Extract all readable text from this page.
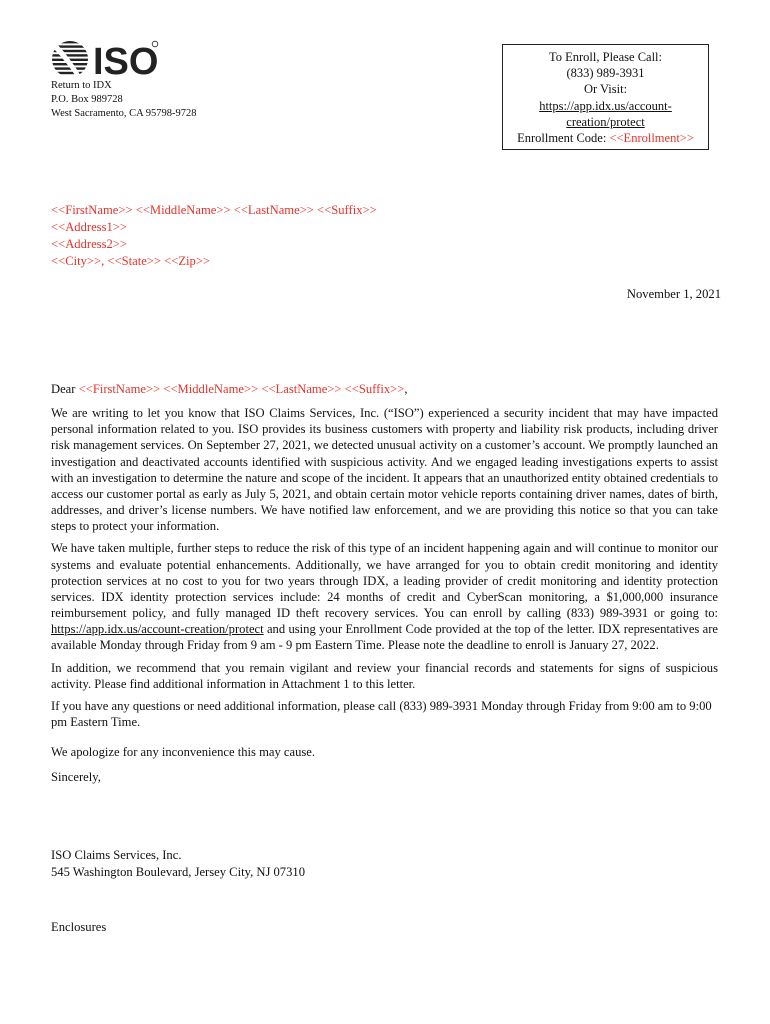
ISO
Return to IDX
P.O. Box 989728
West Sacramento, CA 95798-9728
To Enroll, Please Call:
(833) 989-3931
Or Visit:
https://app.idx.us/account-
creation/protect
Enrollment Code: <<Enrollment>>
<<FirstName>> <<MiddleName>> <<LastName>> <<Suffix>>
<<Address1>>
<<Address2>>
<<City>>, <<State>> <<Zip>>
November 1, 2021

Dear <<FirstName>> <<MiddleName>> <<LastName>> <<Suffix>>,

We are writing to let you know that ISO Claims Services, Inc. (“ISO”) experienced a security incident that may have impacted personal information related to you. ISO provides its business customers with property and liability risk products, including driver risk management services. On September 27, 2021, we detected unusual activity on a customer’s account. We promptly launched an investigation and deactivated accounts identified with suspicious activity. And we engaged leading investigations experts to assist with an investigation to determine the nature and scope of the incident. It appears that an unauthorized entity obtained credentials to access our customer portal as early as July 5, 2021, and obtain certain motor vehicle reports containing driver names, dates of birth, addresses, and driver’s license numbers. We have notified law enforcement, and we are providing this notice so that you can take steps to protect your information.

We have taken multiple, further steps to reduce the risk of this type of an incident happening again and will continue to monitor our systems and evaluate potential enhancements. Additionally, we have arranged for you to obtain credit monitoring and identity protection services at no cost to you for two years through IDX, a leading provider of credit monitoring and identity protection services. IDX identity protection services include: 24 months of credit and CyberScan monitoring, a $1,000,000 insurance reimbursement policy, and fully managed ID theft recovery services. You can enroll by calling (833) 989-3931 or going to: https://app.idx.us/account-creation/protect and using your Enrollment Code provided at the top of the letter. IDX representatives are available Monday through Friday from 9 am - 9 pm Eastern Time. Please note the deadline to enroll is January 27, 2022.

In addition, we recommend that you remain vigilant and review your financial records and statements for signs of suspicious activity. Please find additional information in Attachment 1 to this letter.

If you have any questions or need additional information, please call (833) 989-3931 Monday through Friday from 9:00 am to 9:00 pm Eastern Time.

We apologize for any inconvenience this may cause.

Sincerely,

ISO Claims Services, Inc.
545 Washington Boulevard, Jersey City, NJ 07310
Enclosures
